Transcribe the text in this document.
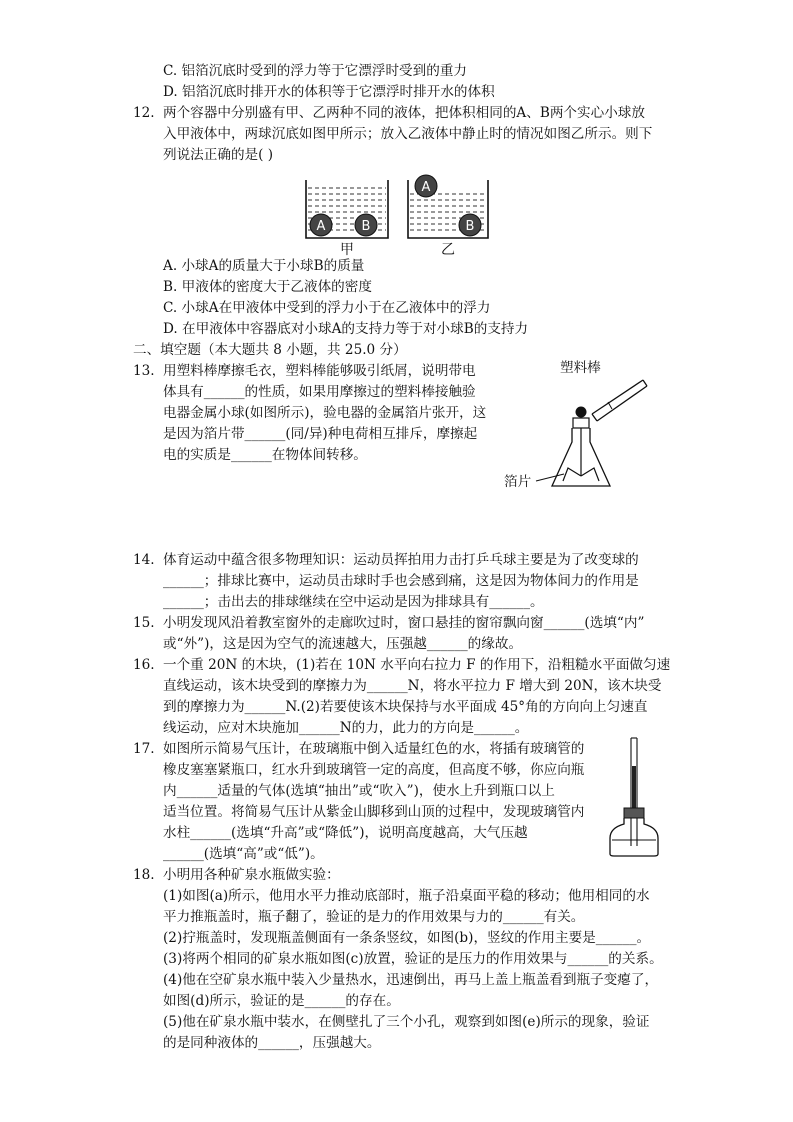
C. 铝箔沉底时受到的浮力等于它漂浮时受到的重力
D. 铝箔沉底时排开水的体积等于它漂浮时排开水的体积
12. 两个容器中分别盛有甲、乙两种不同的液体，把体积相同的A、B两个实心小球放
入甲液体中，两球沉底如图甲所示；放入乙液体中静止时的情况如图乙所示。则下
列说法正确的是( )
A	B
甲
A
B
乙
A. 小球A的质量大于小球B的质量
B. 甲液体的密度大于乙液体的密度
C. 小球A在甲液体中受到的浮力小于在乙液体中的浮力
D. 在甲液体中容器底对小球A的支持力等于对小球B的支持力
二、填空题（本大题共 8 小题，共 25.0 分）
13. 用塑料棒摩擦毛衣，塑料棒能够吸引纸屑，说明带电
体具有______的性质，如果用摩擦过的塑料棒接触验
电器金属小球(如图所示)，验电器的金属箔片张开，这
是因为箔片带______(同/异)种电荷相互排斥，摩擦起
电的实质是______在物体间转移。
塑料棒
箔片
14. 体育运动中蕴含很多物理知识：运动员挥拍用力击打乒乓球主要是为了改变球的
______；排球比赛中，运动员击球时手也会感到痛，这是因为物体间力的作用是
______；击出去的排球继续在空中运动是因为排球具有______。
15. 小明发现风沿着教室窗外的走廊吹过时，窗口悬挂的窗帘飘向窗______(选填“内”
或“外”)，这是因为空气的流速越大，压强越______的缘故。
16. 一个重 20N 的木块，(1)若在 10N 水平向右拉力 F 的作用下，沿粗糙水平面做匀速
直线运动，该木块受到的摩擦力为______N，将水平拉力 F 增大到 20N，该木块受
到的摩擦力为______N.(2)若要使该木块保持与水平面成 45°角的方向向上匀速直
线运动，应对木块施加______N的力，此力的方向是______。
17. 如图所示简易气压计，在玻璃瓶中倒入适量红色的水，将插有玻璃管的
橡皮塞塞紧瓶口，红水升到玻璃管一定的高度，但高度不够，你应向瓶
内______适量的气体(选填“抽出”或“吹入”)，使水上升到瓶口以上
适当位置。将简易气压计从紫金山脚移到山顶的过程中，发现玻璃管内
水柱______(选填“升高”或“降低”)，说明高度越高，大气压越
______(选填“高”或“低”)。
18. 小明用各种矿泉水瓶做实验：
(1)如图(a)所示，他用水平力推动底部时，瓶子沿桌面平稳的移动；他用相同的水
平力推瓶盖时，瓶子翻了，验证的是力的作用效果与力的______有关。
(2)拧瓶盖时，发现瓶盖侧面有一条条竖纹，如图(b)，竖纹的作用主要是______。
(3)将两个相同的矿泉水瓶如图(c)放置，验证的是压力的作用效果与______的关系。
(4)他在空矿泉水瓶中装入少量热水，迅速倒出，再马上盖上瓶盖看到瓶子变瘪了，
如图(d)所示，验证的是______的存在。
(5)他在矿泉水瓶中装水，在侧壁扎了三个小孔，观察到如图(e)所示的现象，验证
的是同种液体的______，压强越大。
